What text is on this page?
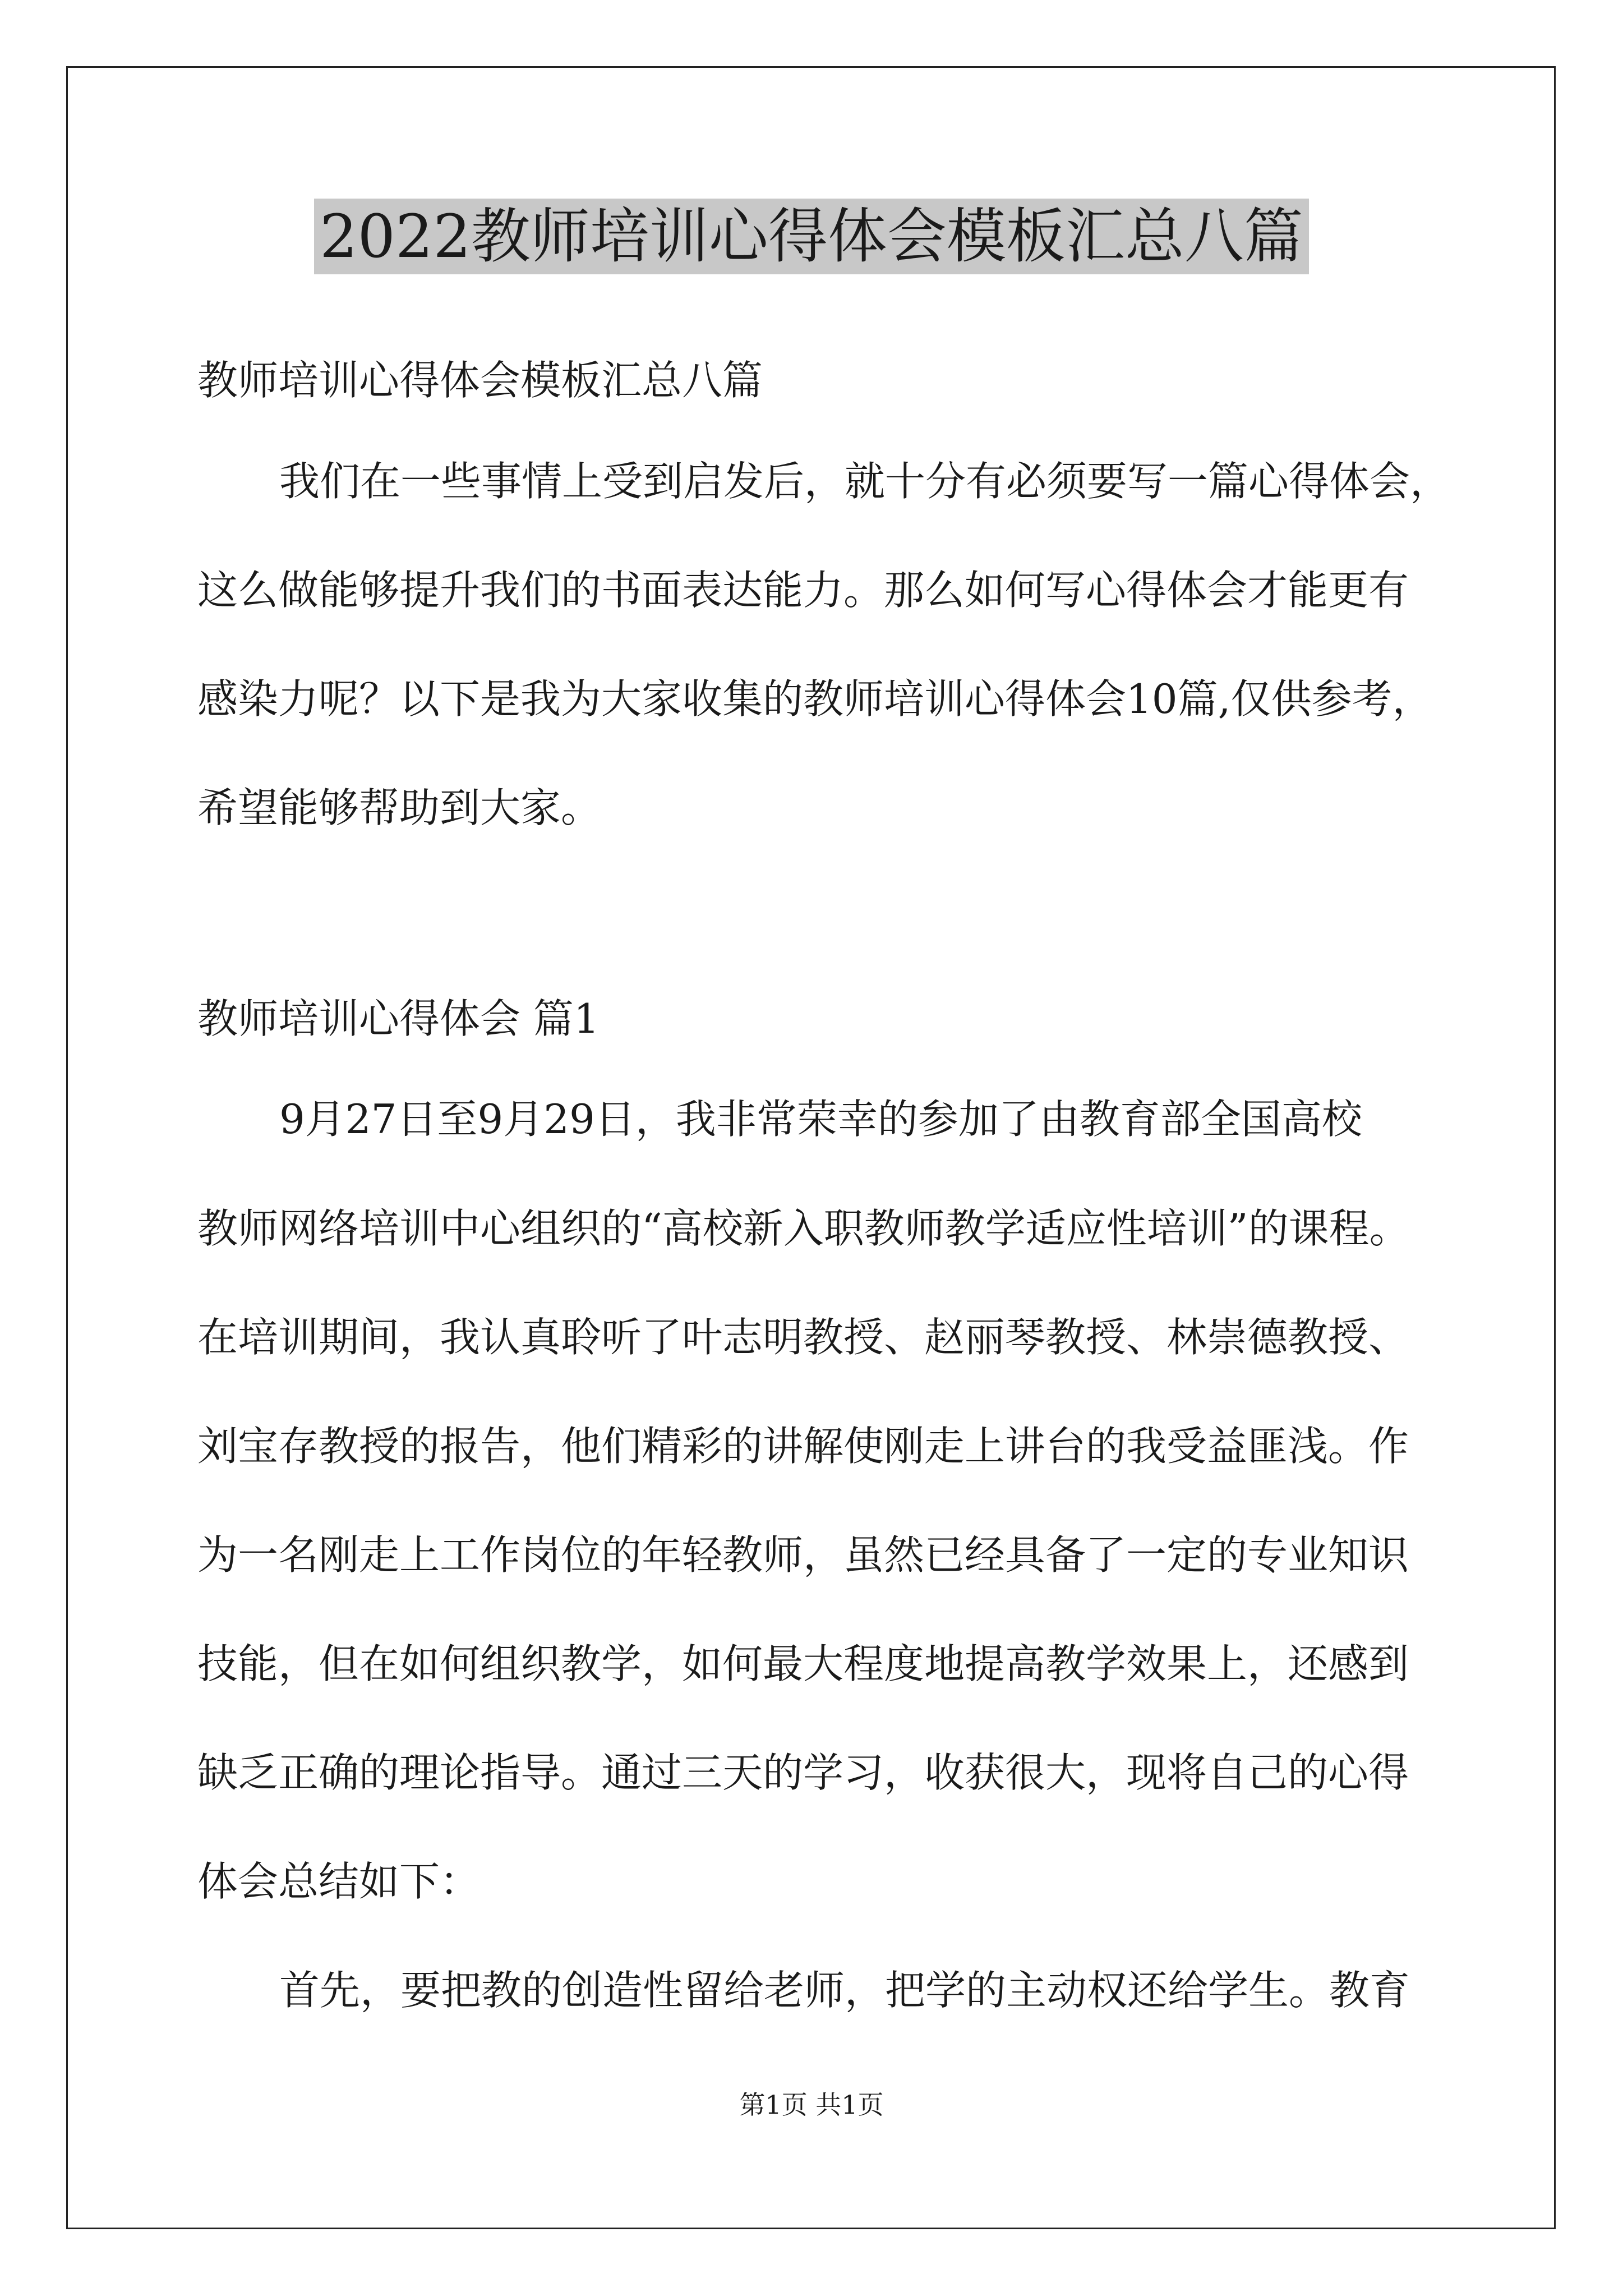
2022教师培训心得体会模板汇总八篇
教师培训心得体会模板汇总八篇
我们在一些事情上受到启发后，就十分有必须要写一篇心得体会，
这么做能够提升我们的书面表达能力。那么如何写心得体会才能更有
感染力呢？以下是我为大家收集的教师培训心得体会10篇,仅供参考，
希望能够帮助到大家。
教师培训心得体会 篇1
9月27日至9月29日，我非常荣幸的参加了由教育部全国高校
教师网络培训中心组织的“高校新入职教师教学适应性培训”的课程。
在培训期间，我认真聆听了叶志明教授、赵丽琴教授、林崇德教授、
刘宝存教授的报告，他们精彩的讲解使刚走上讲台的我受益匪浅。作
为一名刚走上工作岗位的年轻教师，虽然已经具备了一定的专业知识
技能，但在如何组织教学，如何最大程度地提高教学效果上，还感到
缺乏正确的理论指导。通过三天的学习，收获很大，现将自己的心得
体会总结如下：
首先，要把教的创造性留给老师，把学的主动权还给学生。教育
第1页 共1页
